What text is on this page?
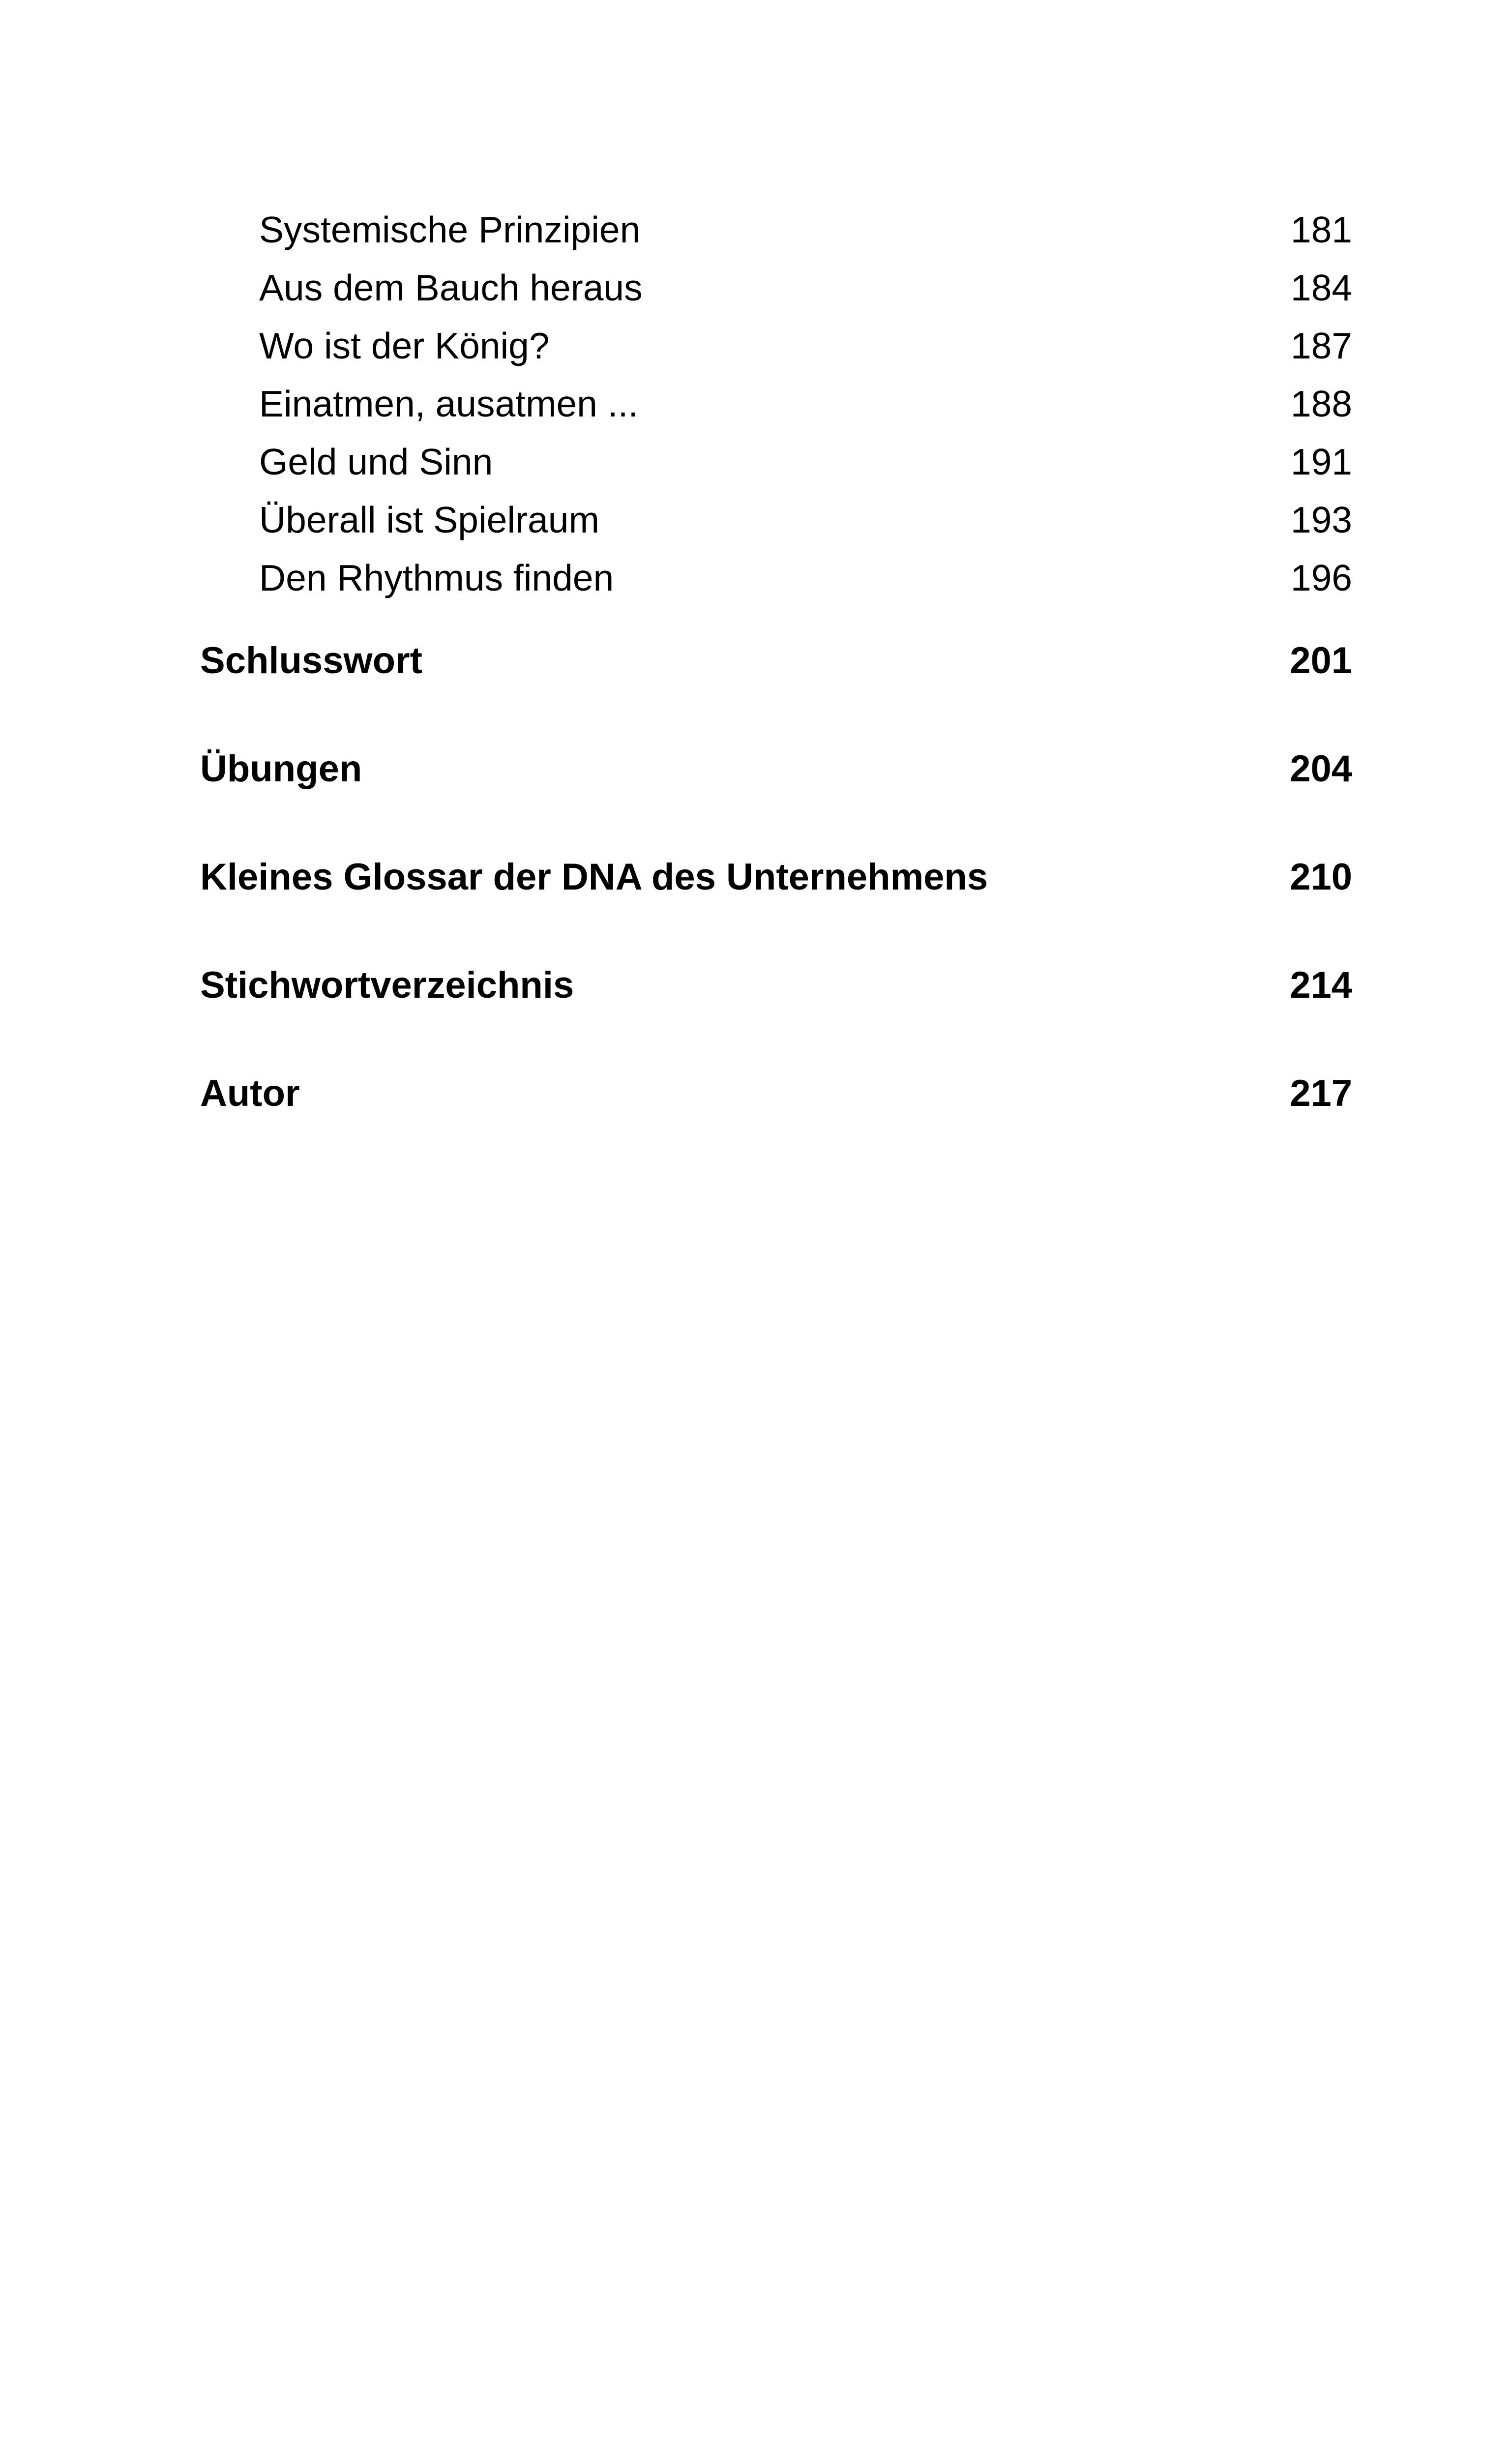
Systemische Prinzipien	181
Aus dem Bauch heraus	184
Wo ist der König?	187
Einatmen, ausatmen ...	188
Geld und Sinn	191
Überall ist Spielraum	193
Den Rhythmus finden	196
Schlusswort	201
Übungen	204
Kleines Glossar der DNA des Unternehmens	210
Stichwortverzeichnis	214
Autor	217
